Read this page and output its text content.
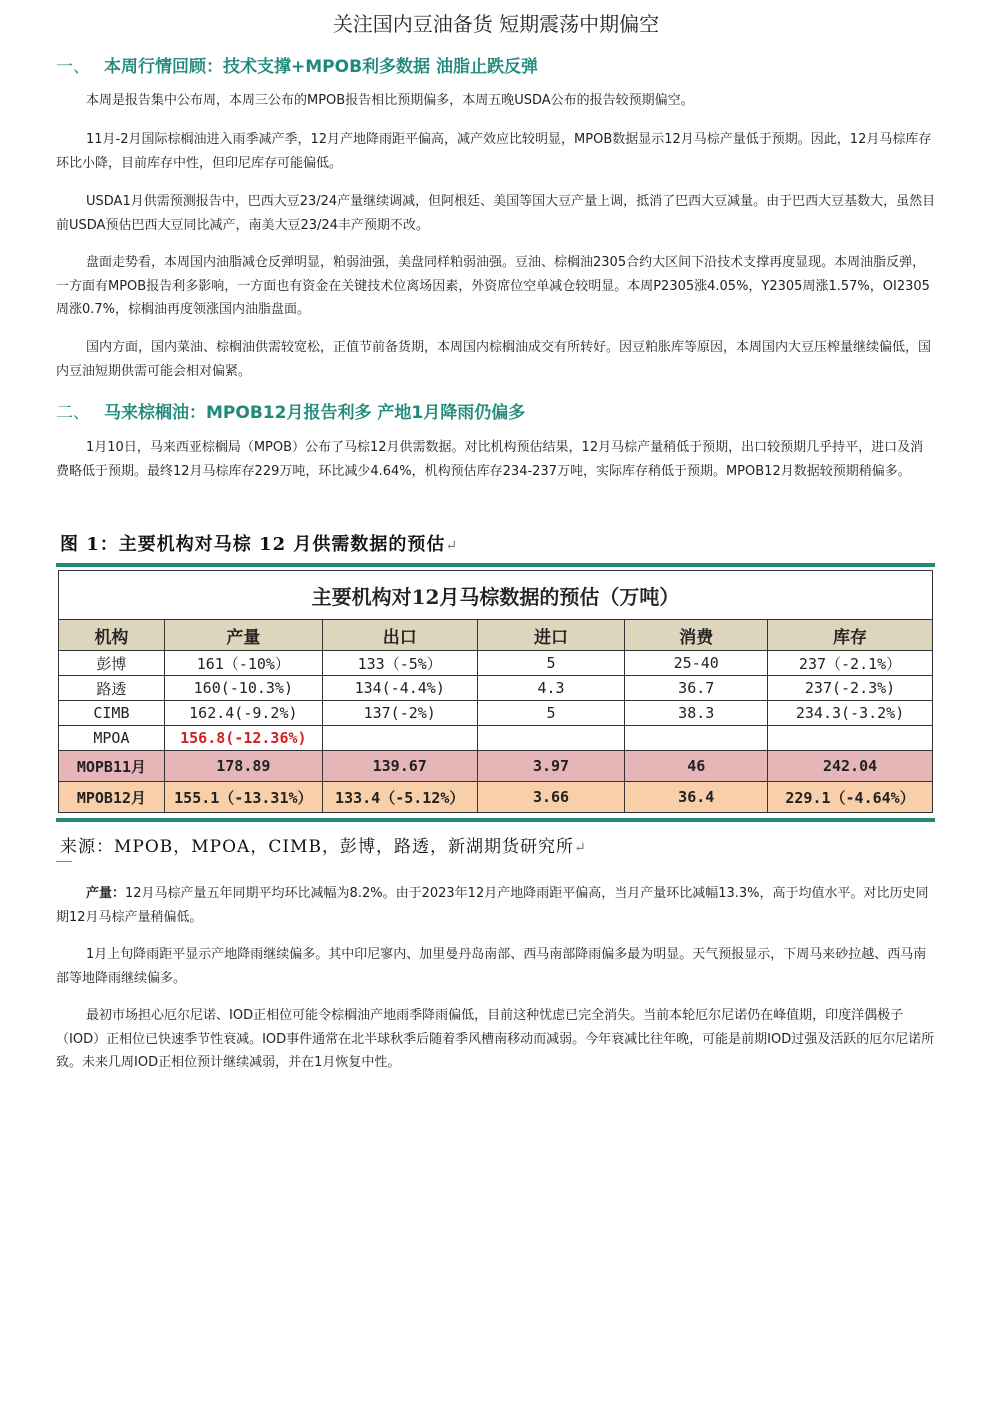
关注国内豆油备货 短期震荡中期偏空
一、 本周行情回顾：技术支撑+MPOB利多数据 油脂止跌反弹

本周是报告集中公布周，本周三公布的MPOB报告相比预期偏多，本周五晚USDA公布的报告较预期偏空。

11月-2月国际棕榈油进入雨季减产季，12月产地降雨距平偏高，减产效应比较明显，MPOB数据显示12月马棕产量低于预期。因此，12月马棕库存环比小降，目前库存中性，但印尼库存可能偏低。

USDA1月供需预测报告中，巴西大豆23/24产量继续调减，但阿根廷、美国等国大豆产量上调，抵消了巴西大豆减量。由于巴西大豆基数大，虽然目前USDA预估巴西大豆同比减产，南美大豆23/24丰产预期不改。

盘面走势看，本周国内油脂减仓反弹明显，粕弱油强，美盘同样粕弱油强。豆油、棕榈油2305合约大区间下沿技术支撑再度显现。本周油脂反弹，一方面有MPOB报告利多影响，一方面也有资金在关键技术位离场因素，外资席位空单减仓较明显。本周P2305涨4.05%，Y2305周涨1.57%，OI2305周涨0.7%，棕榈油再度领涨国内油脂盘面。

国内方面，国内菜油、棕榈油供需较宽松，正值节前备货期，本周国内棕榈油成交有所转好。因豆粕胀库等原因，本周国内大豆压榨量继续偏低，国内豆油短期供需可能会相对偏紧。

二、 马来棕榈油：MPOB12月报告利多 产地1月降雨仍偏多

1月10日，马来西亚棕榈局（MPOB）公布了马棕12月供需数据。对比机构预估结果，12月马棕产量稍低于预期，出口较预期几乎持平，进口及消费略低于预期。最终12月马棕库存229万吨，环比减少4.64%，机构预估库存234-237万吨，实际库存稍低于预期。MPOB12月数据较预期稍偏多。

图 1：主要机构对马棕 12 月供需数据的预估↵
主要机构对12月马棕数据的预估（万吨）					
机构	产量	出口	进口	消费	库存
彭博	161（-10%）	133（-5%）	5	25-40	237（-2.1%）
路透	160(-10.3%)	134(-4.4%)	4.3	36.7	237(-2.3%)
CIMB	162.4(-9.2%)	137(-2%)	5	38.3	234.3(-3.2%)
MPOA	156.8(-12.36%)				
MOPB11月	178.89	139.67	3.97	46	242.04
MPOB12月	155.1（-13.31%）	133.4（-5.12%）	3.66	36.4	229.1（-4.64%）
来源：MPOB，MPOA，CIMB，彭博，路透，新湖期货研究所↵

产量：12月马棕产量五年同期平均环比减幅为8.2%。由于2023年12月产地降雨距平偏高，当月产量环比减幅13.3%，高于均值水平。对比历史同期12月马棕产量稍偏低。

1月上旬降雨距平显示产地降雨继续偏多。其中印尼寥内、加里曼丹岛南部、西马南部降雨偏多最为明显。天气预报显示，下周马来砂拉越、西马南部等地降雨继续偏多。

最初市场担心厄尔尼诺、IOD正相位可能令棕榈油产地雨季降雨偏低，目前这种忧虑已完全消失。当前本轮厄尔尼诺仍在峰值期，印度洋偶极子（IOD）正相位已快速季节性衰减。IOD事件通常在北半球秋季后随着季风槽南移动而减弱。今年衰减比往年晚，可能是前期IOD过强及活跃的厄尔尼诺所致。未来几周IOD正相位预计继续减弱，并在1月恢复中性。
